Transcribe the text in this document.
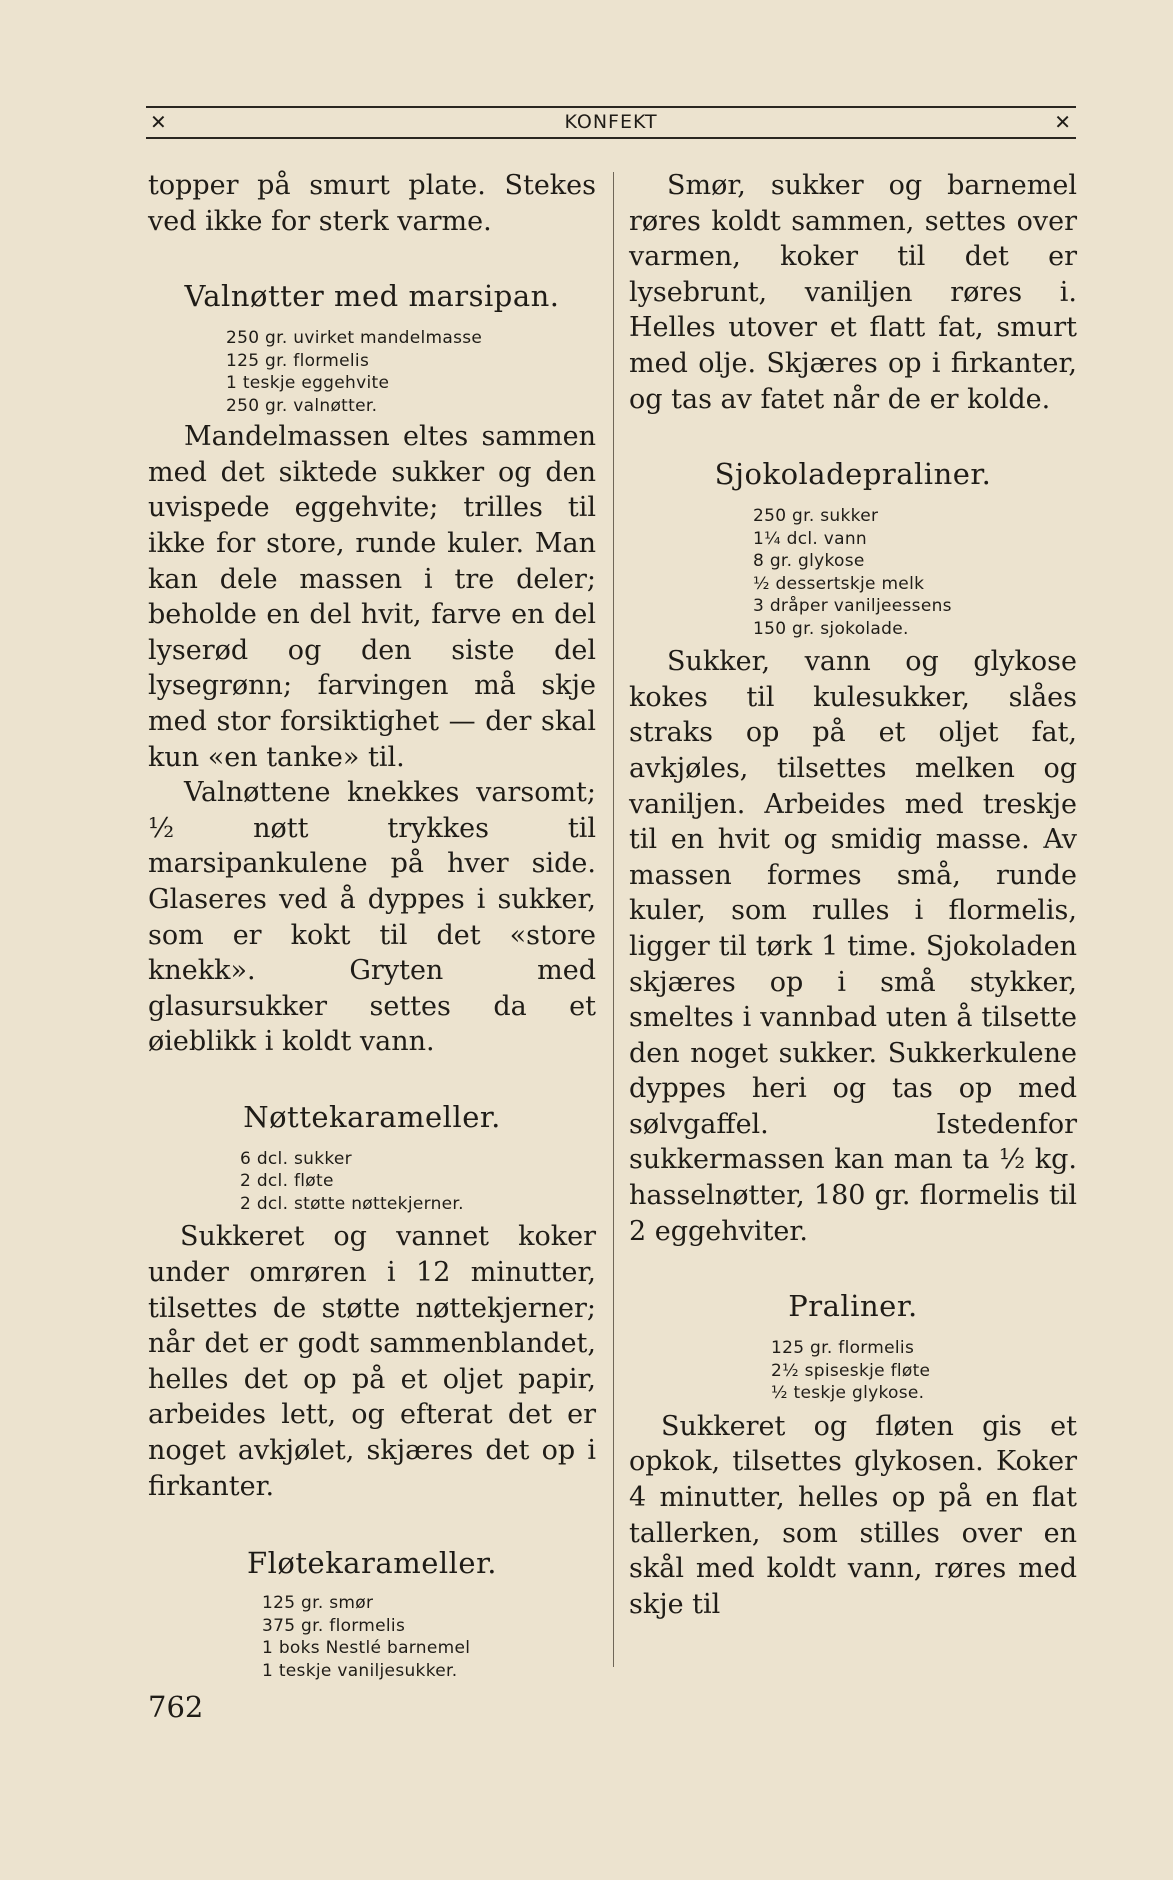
✕	KONFEKT	✕

topper på smurt plate. Stekes ved ikke for sterk varme.

Valnøtter med marsipan.
250 gr. uvirket mandelmasse
125 gr. flormelis
1 teskje eggehvite
250 gr. valnøtter.

Mandelmassen eltes sammen med det siktede sukker og den uvispede eggehvite; trilles til ikke for store, runde kuler. Man kan dele massen i tre deler; beholde en del hvit, farve en del lyserød og den siste del lysegrønn; farvingen må skje med stor forsiktighet — der skal kun «en tanke» til.

Valnøttene knekkes varsomt; ½ nøtt trykkes til marsipankulene på hver side. Glaseres ved å dyppes i sukker, som er kokt til det «store knekk». Gryten med glasursukker settes da et øieblikk i koldt vann.

Nøttekarameller.
6 dcl. sukker
2 dcl. fløte
2 dcl. støtte nøttekjerner.

Sukkeret og vannet koker under omrøren i 12 minutter, tilsettes de støtte nøttekjerner; når det er godt sammenblandet, helles det op på et oljet papir, arbeides lett, og efterat det er noget avkjølet, skjæres det op i firkanter.

Fløtekarameller.
125 gr. smør
375 gr. flormelis
1 boks Nestlé barnemel
1 teskje vaniljesukker.
762

Smør, sukker og barnemel røres koldt sammen, settes over varmen, koker til det er lysebrunt, vaniljen røres i. Helles utover et flatt fat, smurt med olje. Skjæres op i firkanter, og tas av fatet når de er kolde.

Sjokoladepraliner.
250 gr. sukker
1¼ dcl. vann
8 gr. glykose
½ dessertskje melk
3 dråper vaniljeessens
150 gr. sjokolade.

Sukker, vann og glykose kokes til kulesukker, slåes straks op på et oljet fat, avkjøles, tilsettes melken og vaniljen. Arbeides med treskje til en hvit og smidig masse. Av massen formes små, runde kuler, som rulles i flormelis, ligger til tørk 1 time. Sjokoladen skjæres op i små stykker, smeltes i vannbad uten å tilsette den noget sukker. Sukkerkulene dyppes heri og tas op med sølvgaffel. Istedenfor sukkermassen kan man ta ½ kg. hasselnøtter, 180 gr. flormelis til 2 eggehviter.

Praliner.
125 gr. flormelis
2½ spiseskje fløte
½ teskje glykose.

Sukkeret og fløten gis et opkok, tilsettes glykosen. Koker 4 minutter, helles op på en flat tallerken, som stilles over en skål med koldt vann, røres med skje til
